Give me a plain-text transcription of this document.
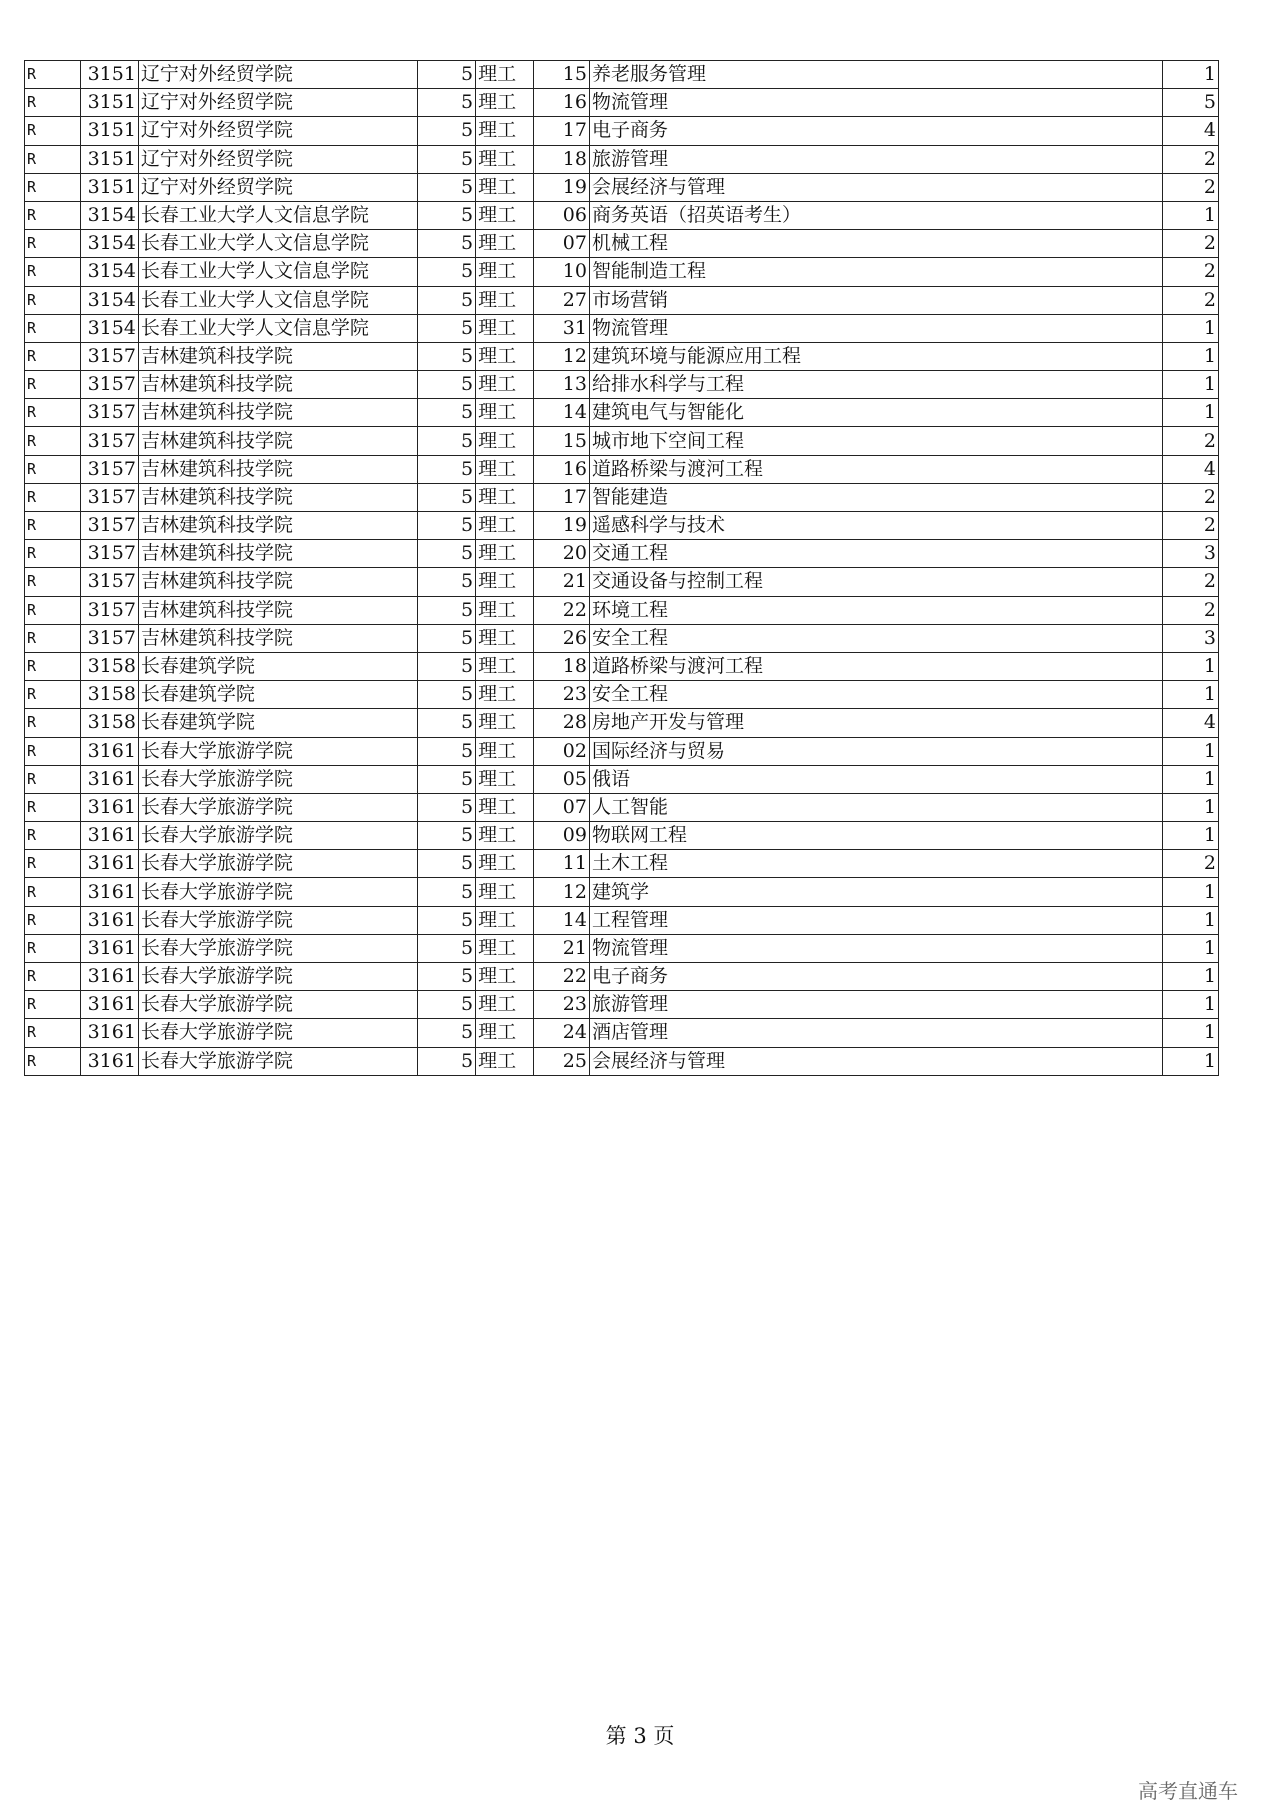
R	3151	辽宁对外经贸学院	5	理工	15	养老服务管理	1
R	3151	辽宁对外经贸学院	5	理工	16	物流管理	5
R	3151	辽宁对外经贸学院	5	理工	17	电子商务	4
R	3151	辽宁对外经贸学院	5	理工	18	旅游管理	2
R	3151	辽宁对外经贸学院	5	理工	19	会展经济与管理	2
R	3154	长春工业大学人文信息学院	5	理工	06	商务英语（招英语考生）	1
R	3154	长春工业大学人文信息学院	5	理工	07	机械工程	2
R	3154	长春工业大学人文信息学院	5	理工	10	智能制造工程	2
R	3154	长春工业大学人文信息学院	5	理工	27	市场营销	2
R	3154	长春工业大学人文信息学院	5	理工	31	物流管理	1
R	3157	吉林建筑科技学院	5	理工	12	建筑环境与能源应用工程	1
R	3157	吉林建筑科技学院	5	理工	13	给排水科学与工程	1
R	3157	吉林建筑科技学院	5	理工	14	建筑电气与智能化	1
R	3157	吉林建筑科技学院	5	理工	15	城市地下空间工程	2
R	3157	吉林建筑科技学院	5	理工	16	道路桥梁与渡河工程	4
R	3157	吉林建筑科技学院	5	理工	17	智能建造	2
R	3157	吉林建筑科技学院	5	理工	19	遥感科学与技术	2
R	3157	吉林建筑科技学院	5	理工	20	交通工程	3
R	3157	吉林建筑科技学院	5	理工	21	交通设备与控制工程	2
R	3157	吉林建筑科技学院	5	理工	22	环境工程	2
R	3157	吉林建筑科技学院	5	理工	26	安全工程	3
R	3158	长春建筑学院	5	理工	18	道路桥梁与渡河工程	1
R	3158	长春建筑学院	5	理工	23	安全工程	1
R	3158	长春建筑学院	5	理工	28	房地产开发与管理	4
R	3161	长春大学旅游学院	5	理工	02	国际经济与贸易	1
R	3161	长春大学旅游学院	5	理工	05	俄语	1
R	3161	长春大学旅游学院	5	理工	07	人工智能	1
R	3161	长春大学旅游学院	5	理工	09	物联网工程	1
R	3161	长春大学旅游学院	5	理工	11	土木工程	2
R	3161	长春大学旅游学院	5	理工	12	建筑学	1
R	3161	长春大学旅游学院	5	理工	14	工程管理	1
R	3161	长春大学旅游学院	5	理工	21	物流管理	1
R	3161	长春大学旅游学院	5	理工	22	电子商务	1
R	3161	长春大学旅游学院	5	理工	23	旅游管理	1
R	3161	长春大学旅游学院	5	理工	24	酒店管理	1
R	3161	长春大学旅游学院	5	理工	25	会展经济与管理	1
第 3 页
高考直通车
